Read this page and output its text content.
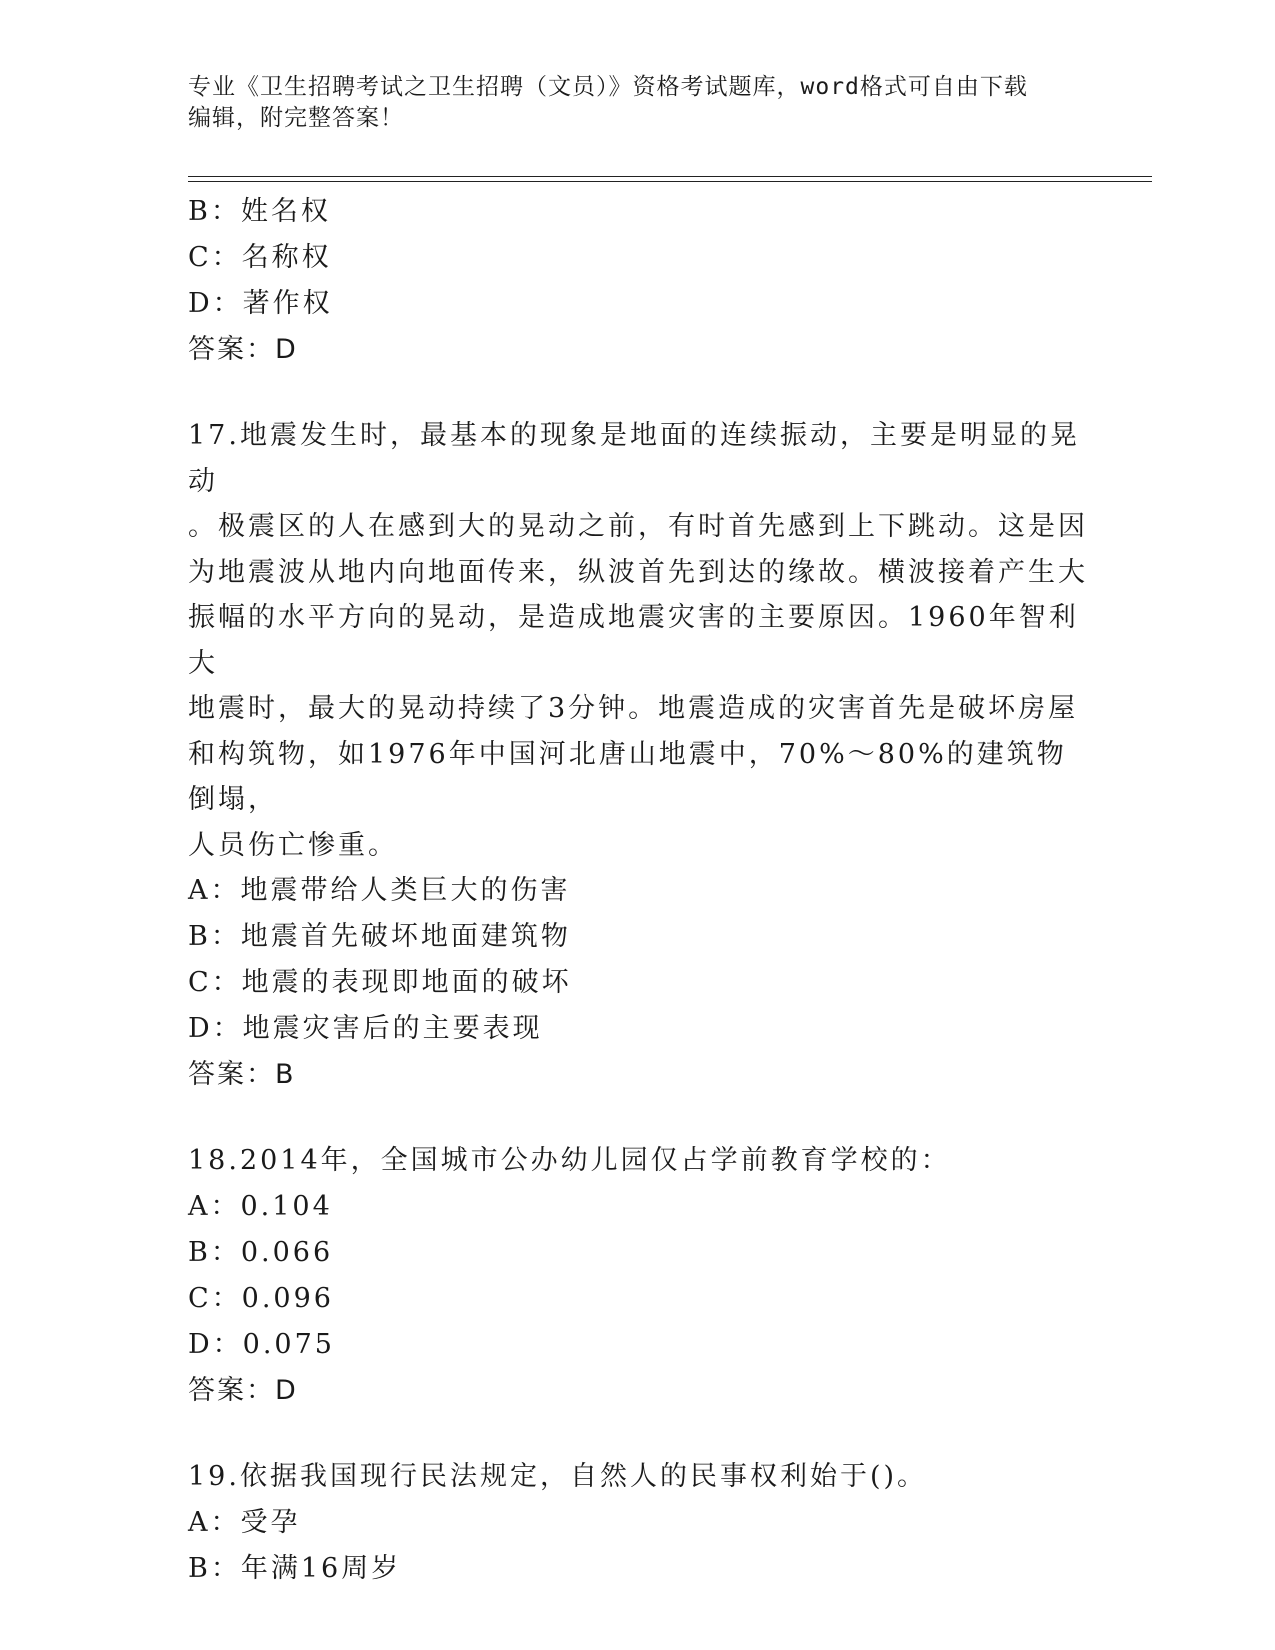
专业《卫生招聘考试之卫生招聘（文员）》资格考试题库，word格式可自由下载
编辑，附完整答案！
B：姓名权
C：名称权
D：著作权
答案：D
17.地震发生时，最基本的现象是地面的连续振动，主要是明显的晃动
。极震区的人在感到大的晃动之前，有时首先感到上下跳动。这是因
为地震波从地内向地面传来，纵波首先到达的缘故。横波接着产生大
振幅的水平方向的晃动，是造成地震灾害的主要原因。1960年智利大
地震时，最大的晃动持续了3分钟。地震造成的灾害首先是破坏房屋
和构筑物，如1976年中国河北唐山地震中，70%～80%的建筑物倒塌，
人员伤亡惨重。
A：地震带给人类巨大的伤害
B：地震首先破坏地面建筑物
C：地震的表现即地面的破坏
D：地震灾害后的主要表现
答案：B
18.2014年，全国城市公办幼儿园仅占学前教育学校的：
A：0.104
B：0.066
C：0.096
D：0.075
答案：D
19.依据我国现行民法规定，自然人的民事权利始于()。
A：受孕
B：年满16周岁
